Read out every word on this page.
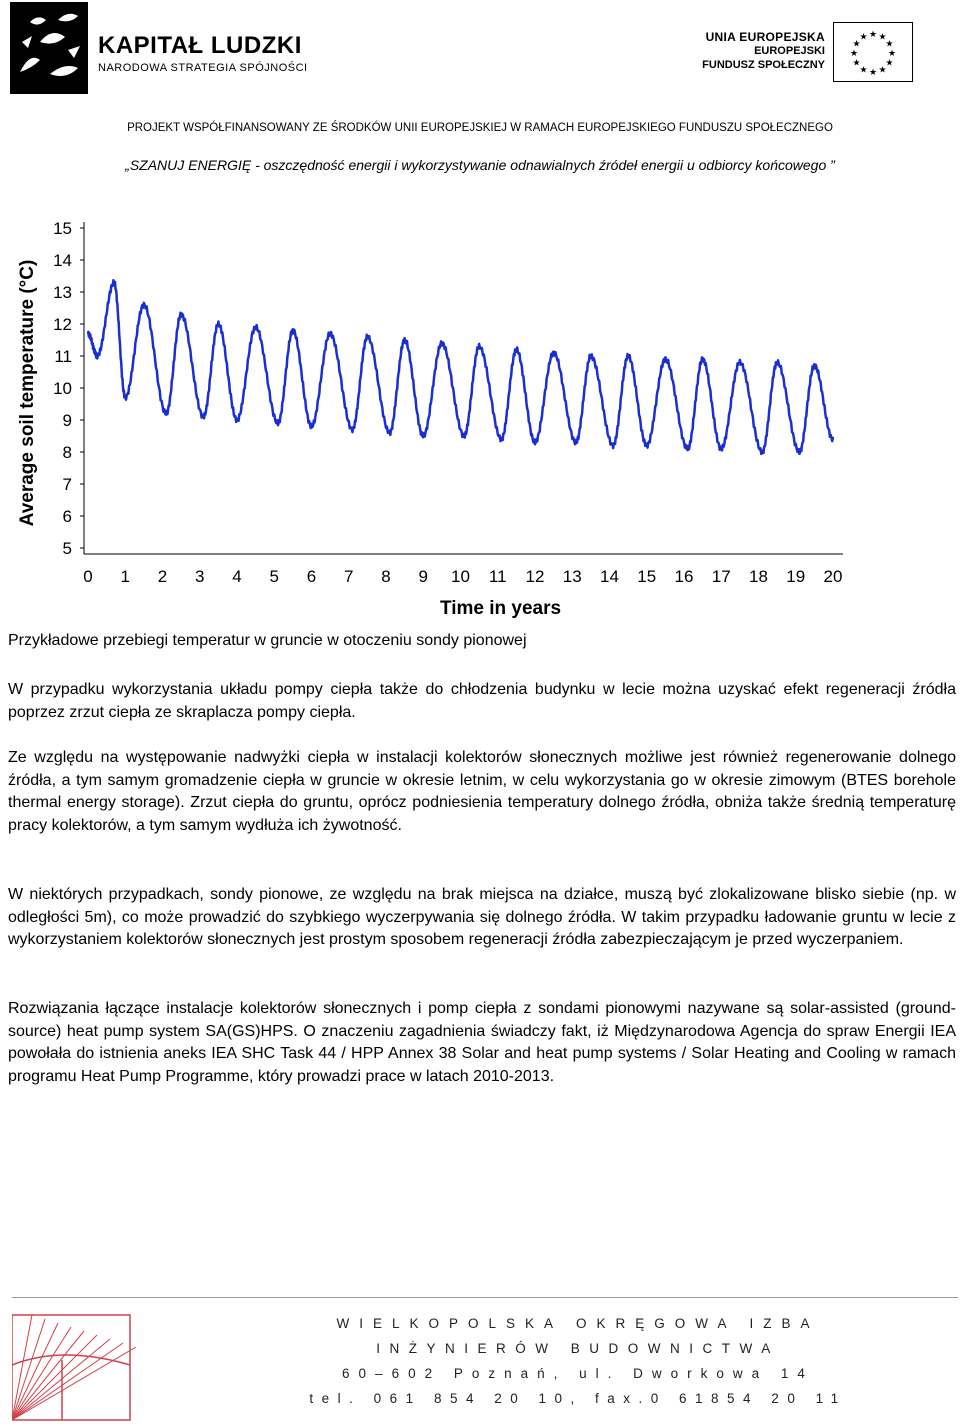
KAPITAŁ LUDZKI
NARODOWA STRATEGIA SPÓJNOŚCI
UNIA EUROPEJSKA
EUROPEJSKI
FUNDUSZ SPOŁECZNY
★
★
★
★
★
★
★
★
★ ★ ★
★
PROJEKT WSPÓŁFINANSOWANY ZE ŚRODKÓW UNII EUROPEJSKIEJ W RAMACH EUROPEJSKIEGO FUNDUSZU SPOŁECZNEGO
„SZANUJ ENERGIĘ - oszczędność energii i wykorzystywanie odnawialnych źródeł energii u odbiorcy końcowego ”
5
6
7
8
9
10
11
12
13
14
15
0 1 2 3 4 5 6 7 8 9 10 11 12 13 14 15 16 17 18 19 20
Time in years
Average soil temperature (°C)
Przykładowe przebiegi temperatur w gruncie w otoczeniu sondy pionowej
W przypadku wykorzystania układu pompy ciepła także do chłodzenia budynku w lecie można uzyskać efekt regeneracji źródła poprzez zrzut ciepła ze skraplacza pompy ciepła.
Ze względu na występowanie nadwyżki ciepła w instalacji kolektorów słonecznych możliwe jest również regenerowanie dolnego źródła, a tym samym gromadzenie ciepła w gruncie w okresie letnim, w celu wykorzystania go w okresie zimowym (BTES borehole thermal energy storage). Zrzut ciepła do gruntu, oprócz podniesienia temperatury dolnego źródła, obniża także średnią temperaturę pracy kolektorów, a tym samym wydłuża ich żywotność.
W niektórych przypadkach, sondy pionowe, ze względu na brak miejsca na działce, muszą być zlokalizowane blisko siebie (np. w odległości 5m), co może prowadzić do szybkiego wyczerpywania się dolnego źródła. W takim przypadku ładowanie gruntu w lecie z wykorzystaniem kolektorów słonecznych jest prostym sposobem regeneracji źródła zabezpieczającym je przed wyczerpaniem.
Rozwiązania łączące instalacje kolektorów słonecznych i pomp ciepła z sondami pionowymi nazywane są solar-assisted (ground-source) heat pump system SA(GS)HPS. O znaczeniu zagadnienia świadczy fakt, iż Międzynarodowa Agencja do spraw Energii IEA powołała do istnienia aneks IEA SHC Task 44 / HPP Annex 38 Solar and heat pump systems / Solar Heating and Cooling w ramach programu Heat Pump Programme, który prowadzi prace w latach 2010-2013.
WIELKOPOLSKA OKRĘGOWA IZBA
INŻYNIERÓW BUDOWNICTWA
60–602 Poznań, ul. Dworkowa 14
tel. 061 854 20 10, fax.0 61854 20 11
